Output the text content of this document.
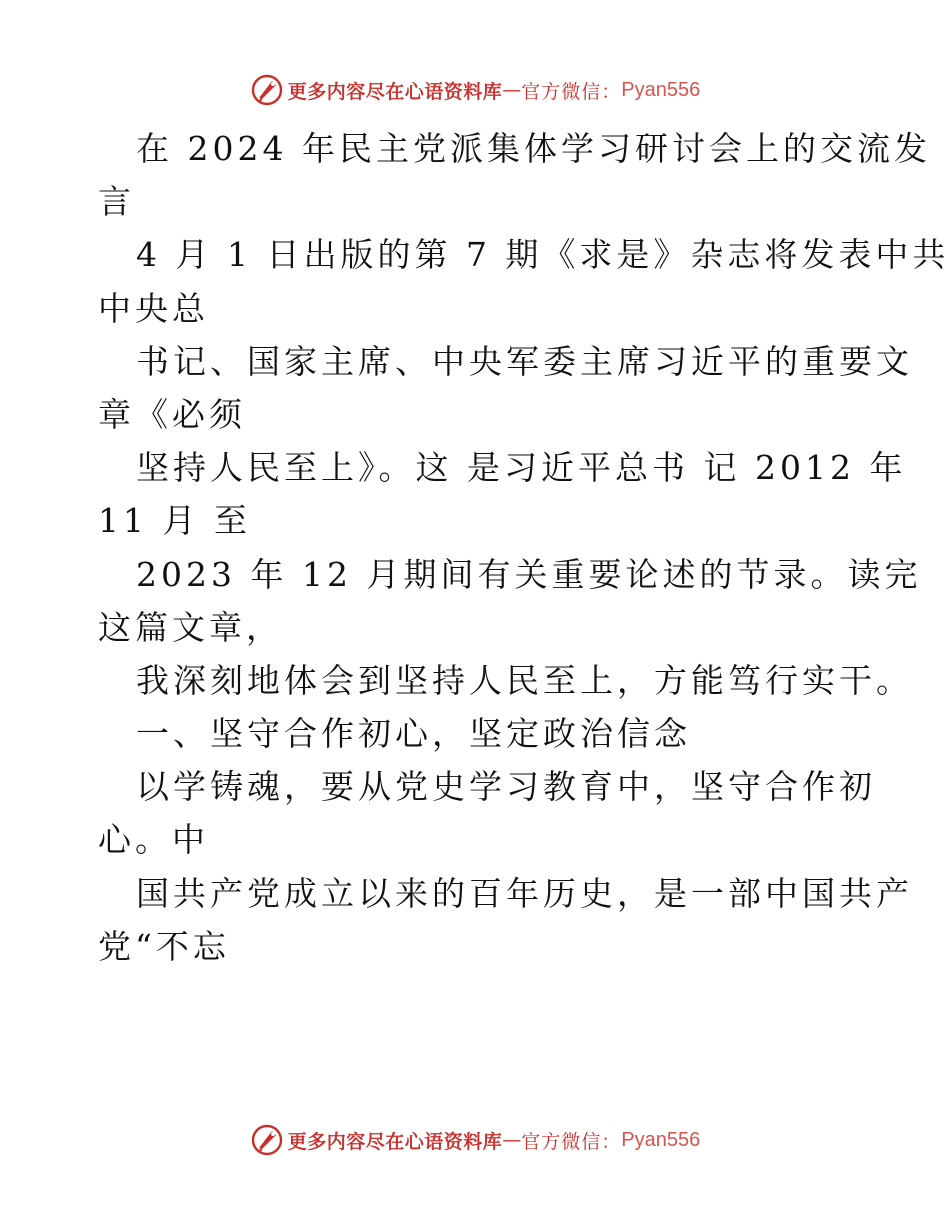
更多内容尽在心语资料库 — 官方微信： Pyan556
在 2024 年民主党派集体学习研讨会上的交流发
言
4 月 1 日出版的第 7 期《求是》杂志将发表中共
中央总
书记、国家主席、中央军委主席习近平的重要文
章《必须
坚持人民至上》。这 是习近平总书 记 2012 年
11 月 至
2023 年 12 月期间有关重要论述的节录。读完
这篇文章，
我深刻地体会到坚持人民至上，方能笃行实干。
一、坚守合作初心，坚定政治信念
以学铸魂，要从党史学习教育中，坚守合作初
心。中
国共产党成立以来的百年历史，是一部中国共产
党“不忘
更多内容尽在心语资料库 — 官方微信： Pyan556
